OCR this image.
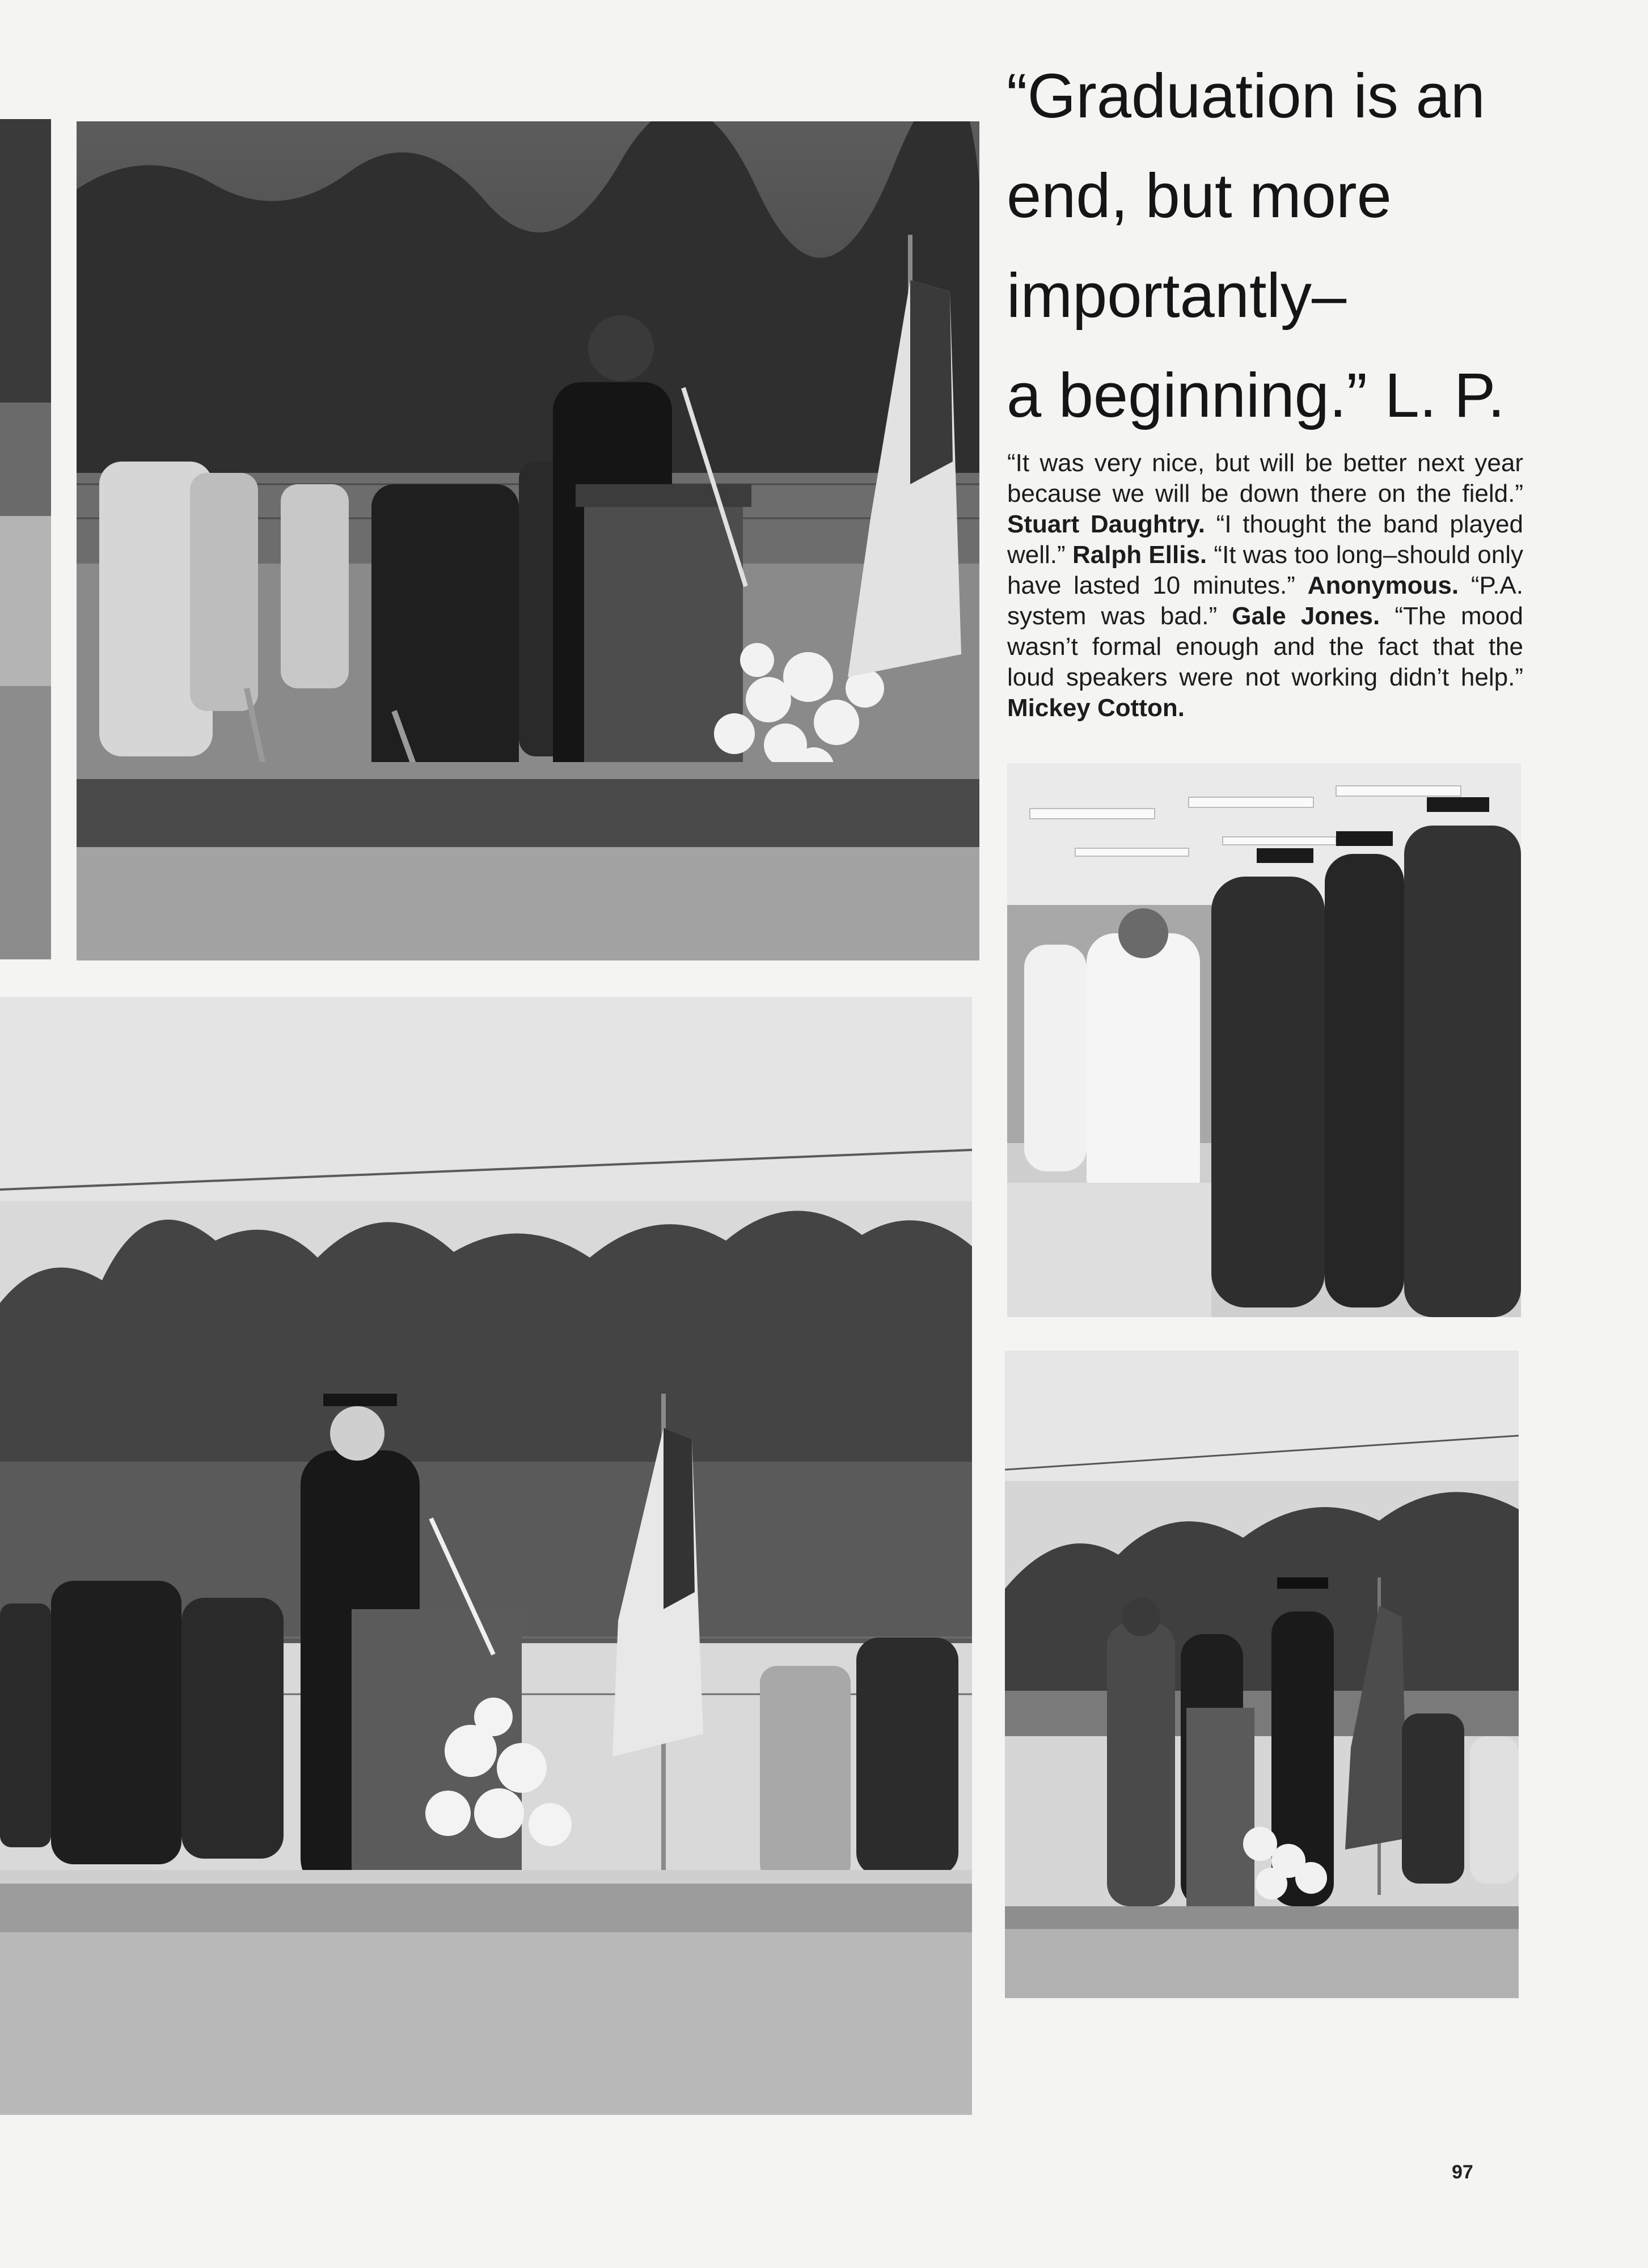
“Graduation is an
end, but more
importantly–
a beginning.” L. P.
“It was very nice, but will be better next year because we will be down there on the field.” Stuart Daughtry. “I thought the band played well.” Ralph Ellis. “It was too long–should only have lasted 10 minutes.” Anonymous. “P.A. system was bad.” Gale Jones. “The mood wasn’t formal enough and the fact that the loud speakers were not working didn’t help.” Mickey Cotton.
97
